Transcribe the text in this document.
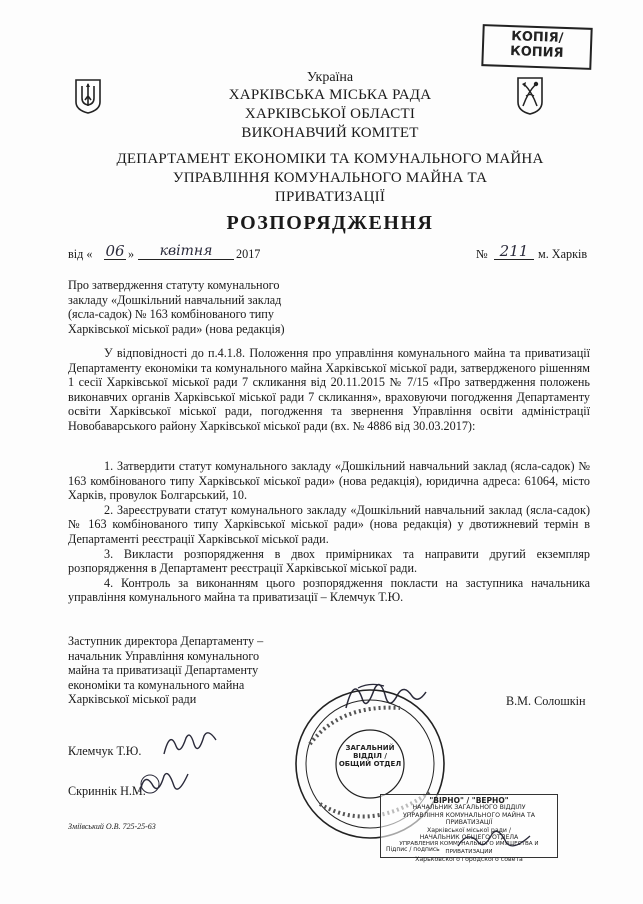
КОПІЯ/
КОПИЯ
Україна
ХАРКІВСЬКА МІСЬКА РАДА
ХАРКІВСЬКОЇ ОБЛАСТІ
ВИКОНАВЧИЙ КОМІТЕТ
ДЕПАРТАМЕНТ ЕКОНОМІКИ ТА КОМУНАЛЬНОГО МАЙНА
УПРАВЛІННЯ КОМУНАЛЬНОГО МАЙНА ТА
ПРИВАТИЗАЦІЇ
РОЗПОРЯДЖЕННЯ
від « 06 »	квітня	2017	№ 211 м. Харків
Про затвердження статуту комунального
закладу «Дошкільний навчальний заклад
(ясла-садок) № 163 комбінованого типу
Харківської міської ради» (нова редакція)
У відповідності до п.4.1.8. Положення про управління комунального майна та приватизації Департаменту економіки та комунального майна Харківської міської ради, затвердженого рішенням 1 сесії Харківської міської ради 7 скликання від 20.11.2015 № 7/15 «Про затвердження положень виконавчих органів Харківської міської ради 7 скликання», враховуючи погодження Департаменту освіти Харківської міської ради, погодження та звернення Управління освіти адміністрації Новобаварського району Харківської міської ради (вх. № 4886 від 30.03.2017):
1. Затвердити статут комунального закладу «Дошкільний навчальний заклад (ясла-садок) № 163 комбінованого типу Харківської міської ради» (нова редакція), юридична адреса: 61064, місто Харків, провулок Болгарський, 10.
2. Зареєструвати статут комунального закладу «Дошкільний навчальний заклад (ясла-садок) № 163 комбінованого типу Харківської міської ради» (нова редакція) у двотижневий термін в Департаменті реєстрації Харківської міської ради.
3. Викласти розпорядження в двох примірниках та направити другий екземпляр розпорядження в Департамент реєстрації Харківської міської ради.
4. Контроль за виконанням цього розпорядження покласти на заступника начальника управління комунального майна та приватизації – Клемчук Т.Ю.
Заступник директора Департаменту –
начальник Управління комунального
майна та приватизації Департаменту
економіки та комунального майна
Харківської міської ради	В.М. Солошкін
ЗАГАЛЬНИЙ
ВІДДІЛ /
ОБЩИЙ ОТДЕЛ
Клемчук Т.Ю.
Скриннік Н.М.
Зміївський О.В. 725-25-63
"ВІРНО" / "ВЕРНО"
НАЧАЛЬНИК ЗАГАЛЬНОГО ВІДДІЛУ
УПРАВЛІННЯ КОМУНАЛЬНОГО МАЙНА ТА ПРИВАТИЗАЦІЇ
Харківської міської ради /
НАЧАЛЬНИК ОБЩЕГО ОТДЕЛА
УПРАВЛЕНИЯ КОММУНАЛЬНОГО ИМУЩЕСТВА И ПРИВАТИЗАЦИИ
Харьковского городского совета
Підпис / подпись
